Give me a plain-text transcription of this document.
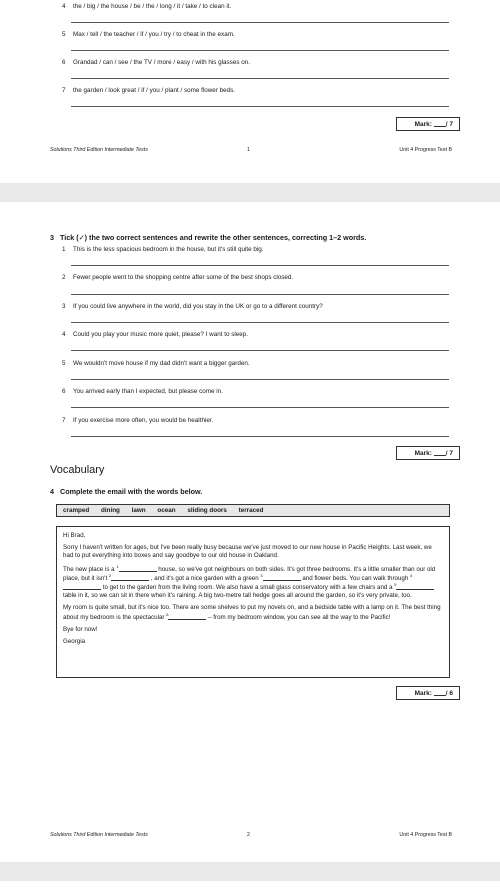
4 the / big / the house / be / the / long / it / take / to clean it.
5 Max / tell / the teacher / if / you / try / to cheat in the exam.
6 Grandad / can / see / the TV / more / easy / with his glasses on.
7 the garden / look great / if / you / plant / some flower beds.
Mark: / 7
Solutions Third Edition Intermediate Tests	1	Unit 4 Progress Test B
3 Tick (✓) the two correct sentences and rewrite the other sentences, correcting 1–2 words.
1 This is the less spacious bedroom in the house, but it's still quite big.
2 Fewer people went to the shopping centre after some of the best shops closed.
3 If you could live anywhere in the world, did you stay in the UK or go to a different country?
4 Could you play your music more quiet, please? I want to sleep.
5 We wouldn't move house if my dad didn't want a bigger garden.
6 You arrived early than I expected, but please come in.
7 If you exercise more often, you would be healthier.
Mark: / 7
Vocabulary
4 Complete the email with the words below.
cramped dining lawn ocean sliding doors terraced

Hi Brad,

Sorry I haven't written for ages, but I've been really busy because we've just moved to our new house in Pacific Heights. Last week, we had to put everything into boxes and say goodbye to our old house in Oakland.

The new place is a $^1$	house, so we've got neighbours on both sides. It's got three bedrooms. It's a little smaller than our old place, but it isn't $^2$	, and it's got a nice garden with a green $^3$	and flower beds. You can walk through $^4$ to get to the garden from the living room. We also have a small glass conservatory with a few chairs and a $^5$ table in it, so we can sit in there when it's raining. A big two-metre tall hedge goes all around the garden, so it's very private, too.

My room is quite small, but it's nice too. There are some shelves to put my novels on, and a bedside table with a lamp on it. The best thing about my bedroom is the spectacular $^6$	– from my bedroom window, you can see all the way to the Pacific!

Bye for now!

Georgia

Mark: / 6
Solutions Third Edition Intermediate Tests	2	Unit 4 Progress Test B
